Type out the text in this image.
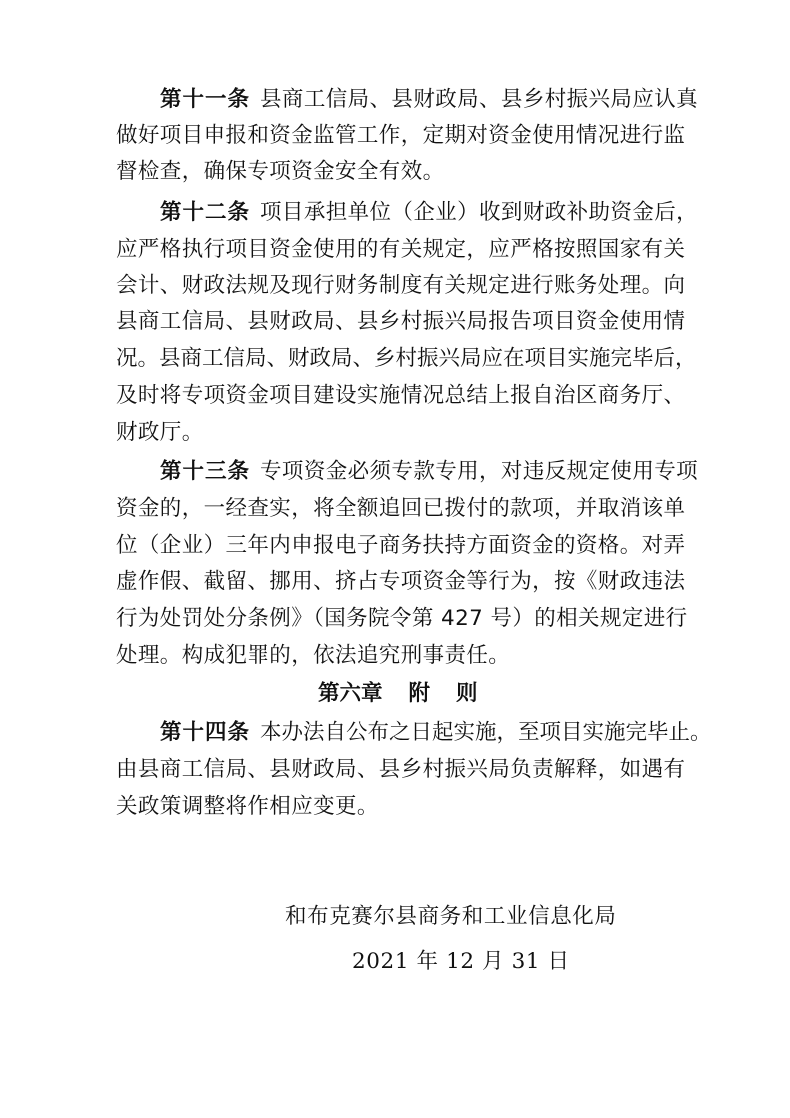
第十一条 县商工信局、县财政局、县乡村振兴局应认真
做好项目申报和资金监管工作，定期对资金使用情况进行监
督检查，确保专项资金安全有效。
第十二条 项目承担单位（企业）收到财政补助资金后，
应严格执行项目资金使用的有关规定，应严格按照国家有关
会计、财政法规及现行财务制度有关规定进行账务处理。向
县商工信局、县财政局、县乡村振兴局报告项目资金使用情
况。县商工信局、财政局、乡村振兴局应在项目实施完毕后，
及时将专项资金项目建设实施情况总结上报自治区商务厅、
财政厅。
第十三条 专项资金必须专款专用，对违反规定使用专项
资金的，一经查实，将全额追回已拨付的款项，并取消该单
位（企业）三年内申报电子商务扶持方面资金的资格。对弄
虚作假、截留、挪用、挤占专项资金等行为，按《财政违法
行为处罚处分条例》（国务院令第 427 号）的相关规定进行
处理。构成犯罪的，依法追究刑事责任。
第六章 附 则
第十四条 本办法自公布之日起实施，至项目实施完毕止。
由县商工信局、县财政局、县乡村振兴局负责解释，如遇有
关政策调整将作相应变更。
和布克赛尔县商务和工业信息化局
2021 年 12 月 31 日
